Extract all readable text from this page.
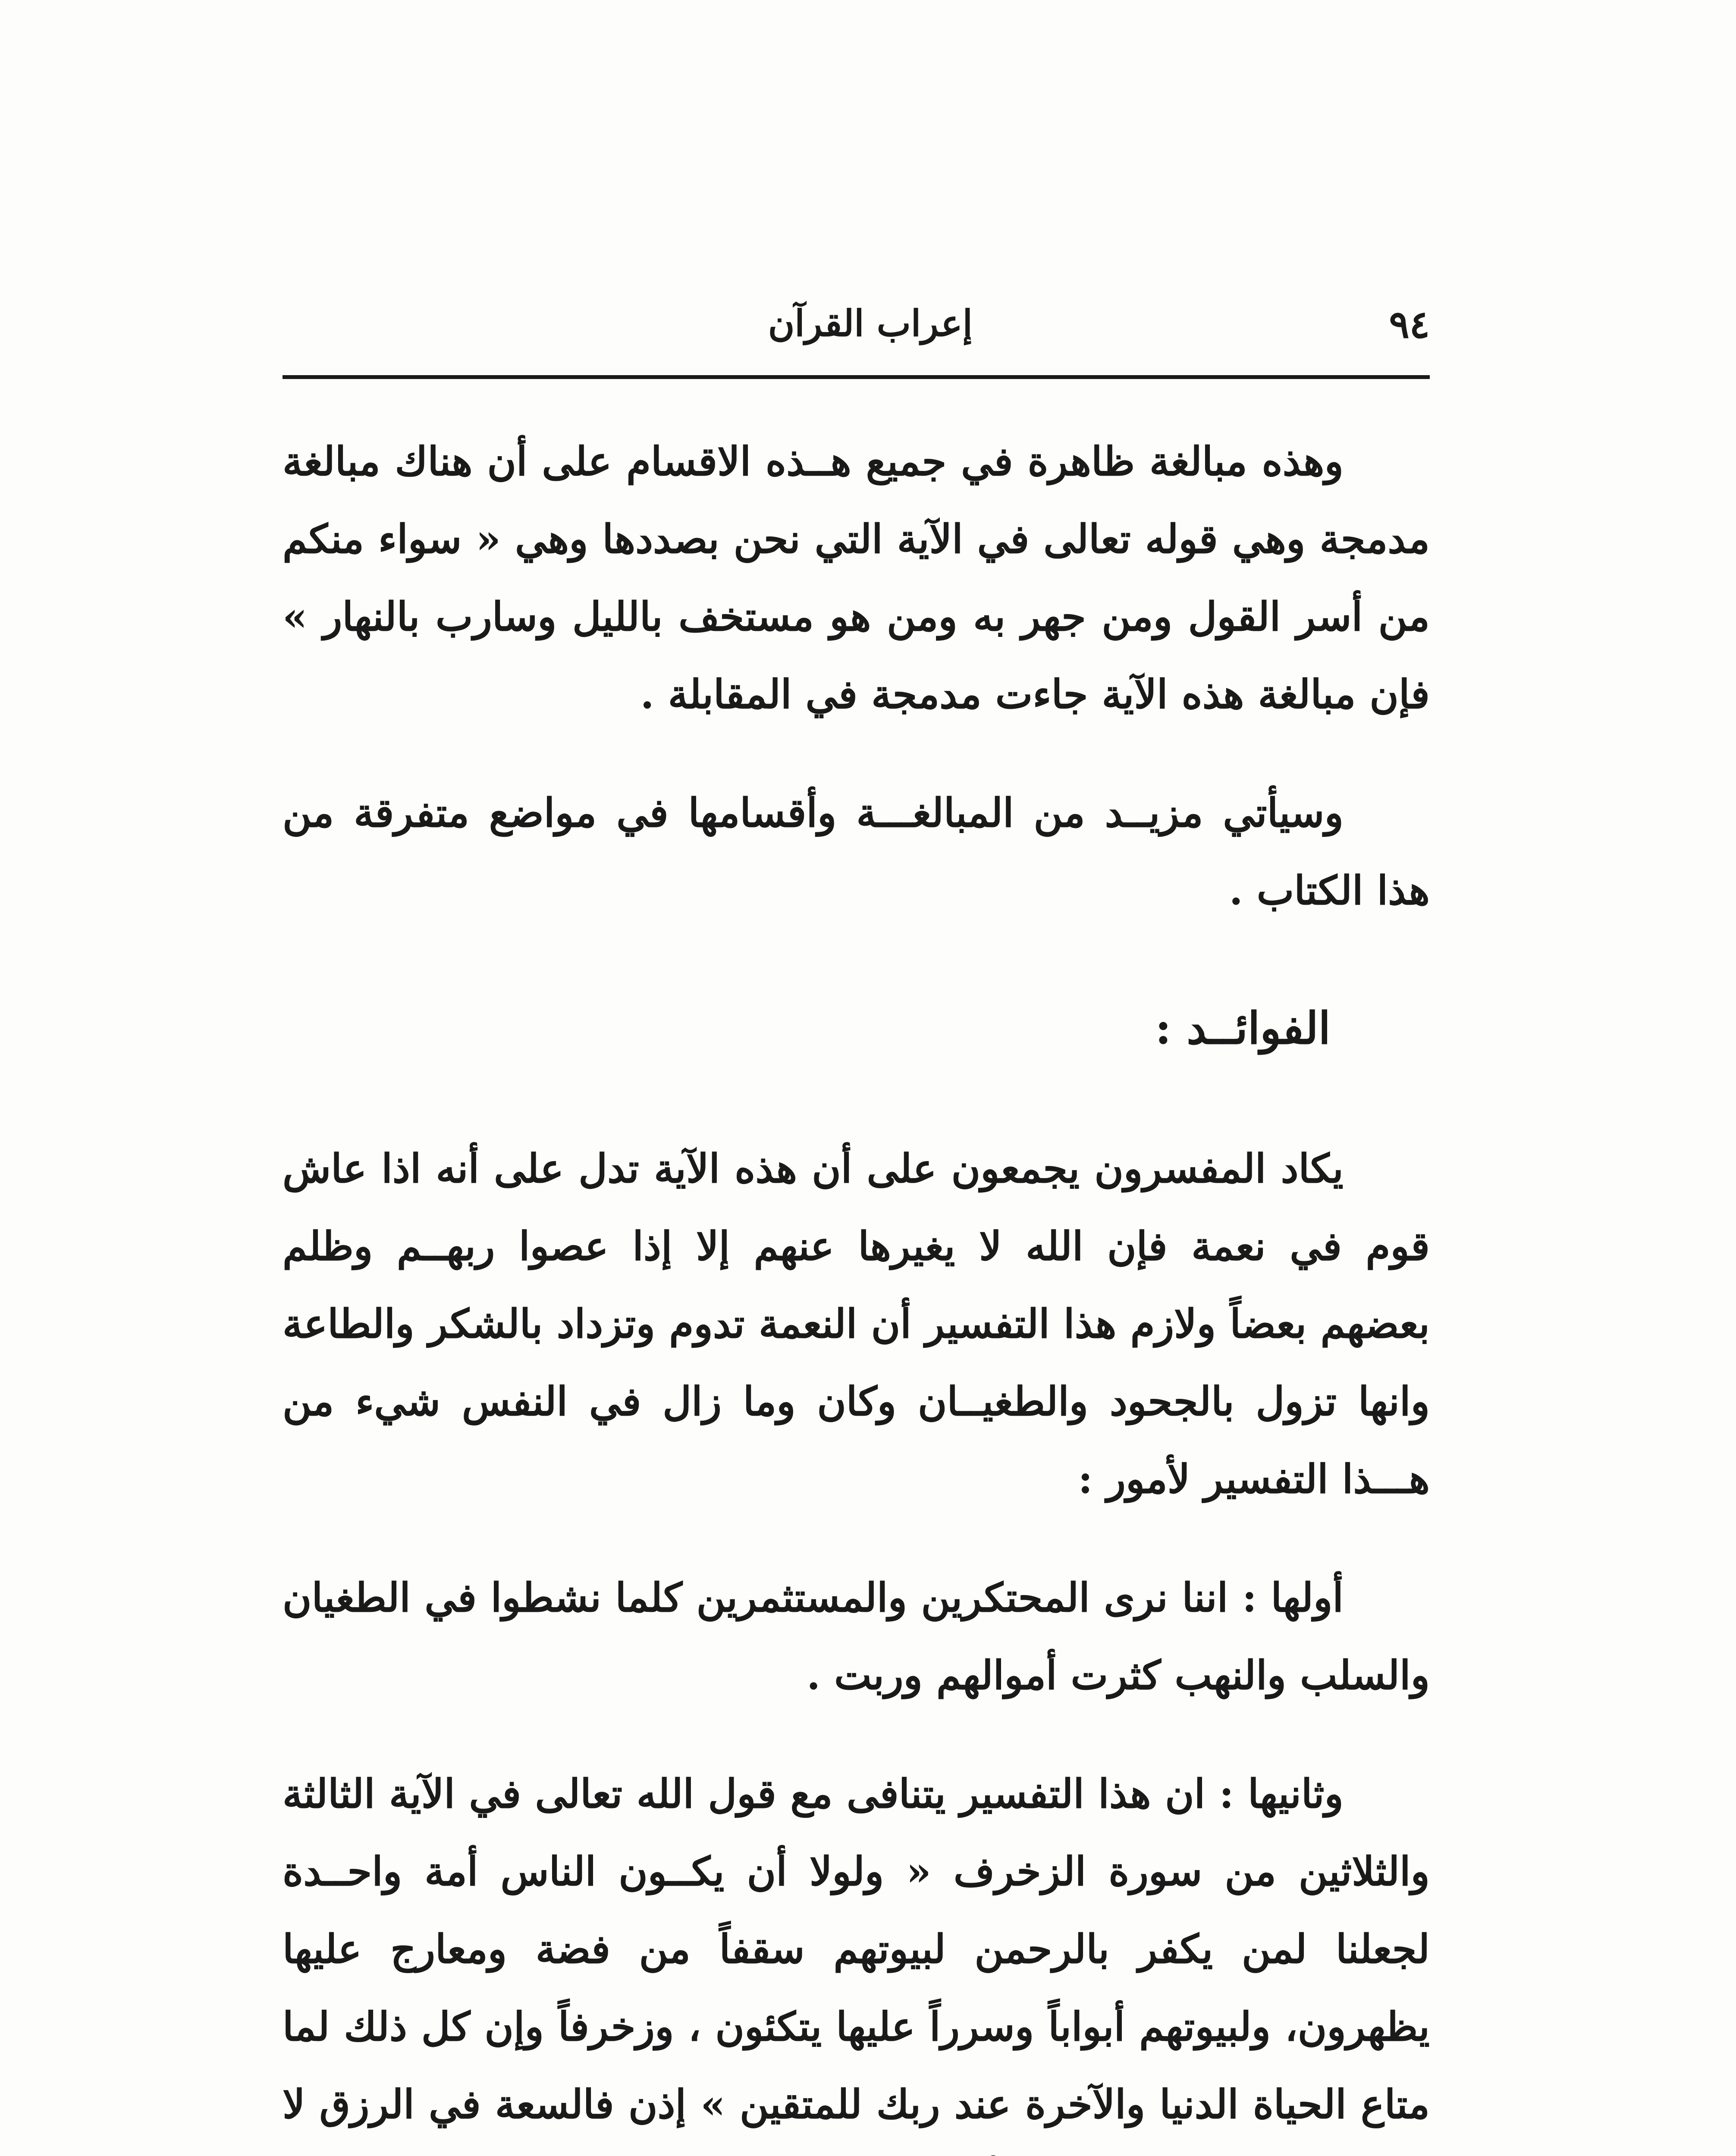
٩٤
إعراب القرآن

وهذه مبالغة ظاهرة في جميع هــذه الاقسام على أن هناك مبالغة مدمجة وهي قوله تعالى في الآية التي نحن بصددها وهي « سواء منكم من أسر القول ومن جهر به ومن هو مستخف بالليل وسارب بالنهار » فإن مبالغة هذه الآية جاءت مدمجة في المقابلة .

وسيأتي مزيــد من المبالغـــة وأقسامها في مواضع متفرقة من هذا الكتاب .

الفوائــد :

يكاد المفسرون يجمعون على أن هذه الآية تدل على أنه اذا عاش قوم في نعمة فإن الله لا يغيرها عنهم إلا إذا عصوا ربهــم وظلم بعضهم بعضاً ولازم هذا التفسير أن النعمة تدوم وتزداد بالشكر والطاعة وانها تزول بالجحود والطغيــان وكان وما زال في النفس شيء من هـــذا التفسير لأمور :

أولها : اننا نرى المحتكرين والمستثمرين كلما نشطوا في الطغيان والسلب والنهب كثرت أموالهم وربت .

وثانيها : ان هذا التفسير يتنافى مع قول الله تعالى في الآية الثالثة والثلاثين من سورة الزخرف « ولولا أن يكــون الناس أمة واحــدة لجعلنا لمن يكفر بالرحمن لبيوتهم سقفاً من فضة ومعارج عليها يظهرون، ولبيوتهم أبواباً وسرراً عليها يتكئون ، وزخرفاً وإن كل ذلك لما متاع الحياة الدنيا والآخرة عند ربك للمتقين » إذن فالسعة في الرزق لا
